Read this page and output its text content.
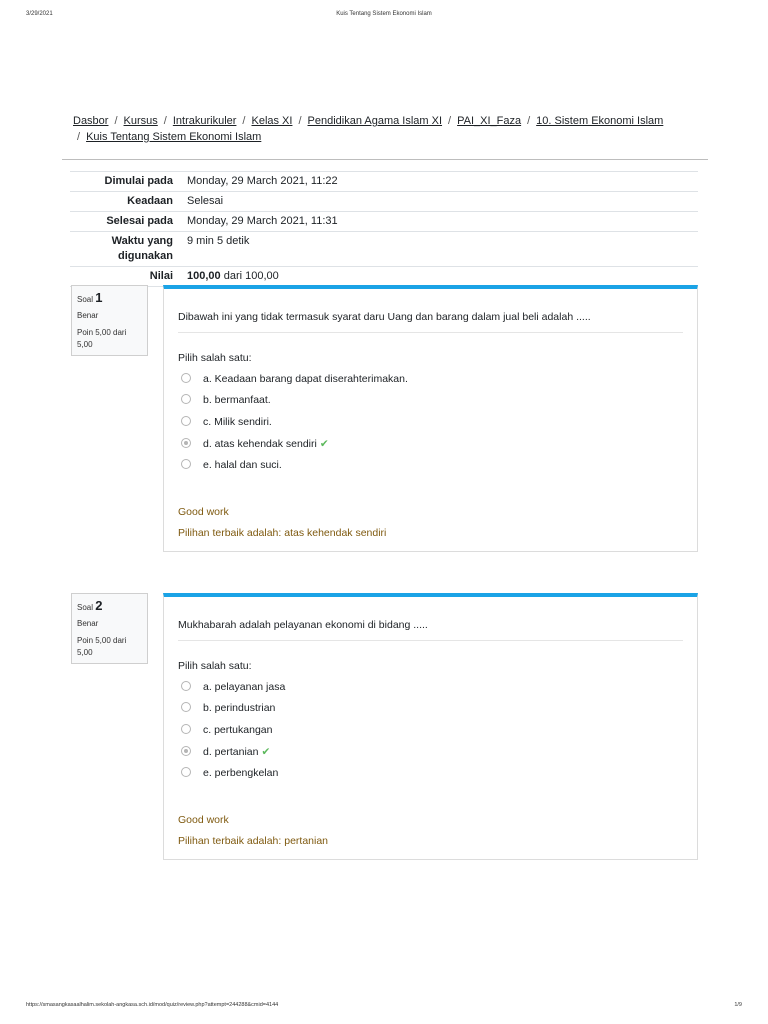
3/29/2021	Kuis Tentang Sistem Ekonomi Islam
Dasbor / Kursus / Intrakurikuler / Kelas XI / Pendidikan Agama Islam XI / PAI_XI_Faza / 10. Sistem Ekonomi Islam
/ Kuis Tentang Sistem Ekonomi Islam
Dimulai pada	Monday, 29 March 2021, 11:22
Keadaan	Selesai
Selesai pada	Monday, 29 March 2021, 11:31
Waktu yang digunakan	9 min 5 detik
Nilai	100,00 dari 100,00
Soal 1
Benar
Poin 5,00 dari 5,00
Dibawah ini yang tidak termasuk syarat daru Uang dan barang dalam jual beli adalah .....
Pilih salah satu:
a. Keadaan barang dapat diserahterimakan.
b. bermanfaat.
c. Milik sendiri.
d. atas kehendak sendiri ✔
e. halal dan suci.
Good work
Pilihan terbaik adalah: atas kehendak sendiri
Soal 2
Benar
Poin 5,00 dari 5,00
Mukhabarah adalah pelayanan ekonomi di bidang .....
Pilih salah satu:
a. pelayanan jasa
b. perindustrian
c. pertukangan
d. pertanian ✔
e. perbengkelan
Good work
Pilihan terbaik adalah: pertanian
https://smasangkasaalhalim.sekolah-angkasa.sch.id/mod/quiz/review.php?attempt=244288&cmid=4144	1/9
